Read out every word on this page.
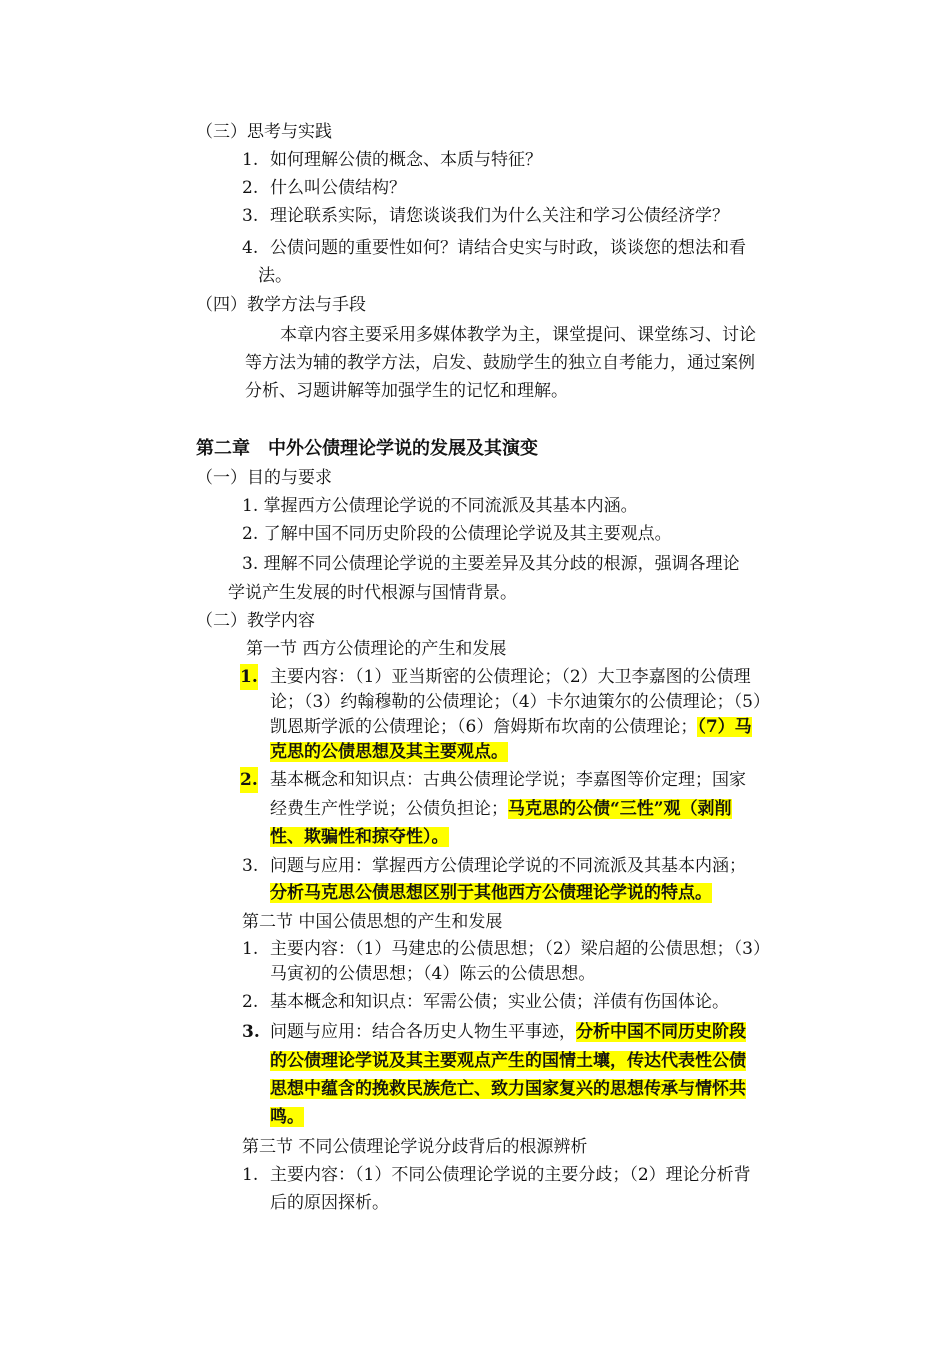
（三）思考与实践
1. 如何理解公债的概念、本质与特征？
2. 什么叫公债结构？
3. 理论联系实际，请您谈谈我们为什么关注和学习公债经济学？
4. 公债问题的重要性如何？请结合史实与时政，谈谈您的想法和看
法。
（四）教学方法与手段
本章内容主要采用多媒体教学为主，课堂提问、课堂练习、讨论
等方法为辅的教学方法，启发、鼓励学生的独立自考能力，通过案例
分析、习题讲解等加强学生的记忆和理解。
第二章　中外公债理论学说的发展及其演变
（一）目的与要求
1. 掌握西方公债理论学说的不同流派及其基本内涵。
2. 了解中国不同历史阶段的公债理论学说及其主要观点。
3. 理解不同公债理论学说的主要差异及其分歧的根源，强调各理论
学说产生发展的时代根源与国情背景。
（二）教学内容
第一节 西方公债理论的产生和发展
1. 主要内容：（1）亚当斯密的公债理论；（2）大卫李嘉图的公债理
论；（3）约翰穆勒的公债理论；（4）卡尔迪策尔的公债理论；（5）
凯恩斯学派的公债理论；（6）詹姆斯布坎南的公债理论；（7）马
克思的公债思想及其主要观点。
2. 基本概念和知识点：古典公债理论学说；李嘉图等价定理；国家
经费生产性学说；公债负担论；马克思的公债“三性”观（剥削
性、欺骗性和掠夺性）。
3. 问题与应用：掌握西方公债理论学说的不同流派及其基本内涵；
分析马克思公债思想区别于其他西方公债理论学说的特点。
第二节 中国公债思想的产生和发展
1. 主要内容：（1）马建忠的公债思想；（2）梁启超的公债思想；（3）
马寅初的公债思想；（4）陈云的公债思想。
2. 基本概念和知识点：军需公债；实业公债；洋债有伤国体论。
3. 问题与应用：结合各历史人物生平事迹，分析中国不同历史阶段
的公债理论学说及其主要观点产生的国情土壤，传达代表性公债
思想中蕴含的挽救民族危亡、致力国家复兴的思想传承与情怀共
鸣。
第三节 不同公债理论学说分歧背后的根源辨析
1. 主要内容：（1）不同公债理论学说的主要分歧；（2）理论分析背
后的原因探析。
